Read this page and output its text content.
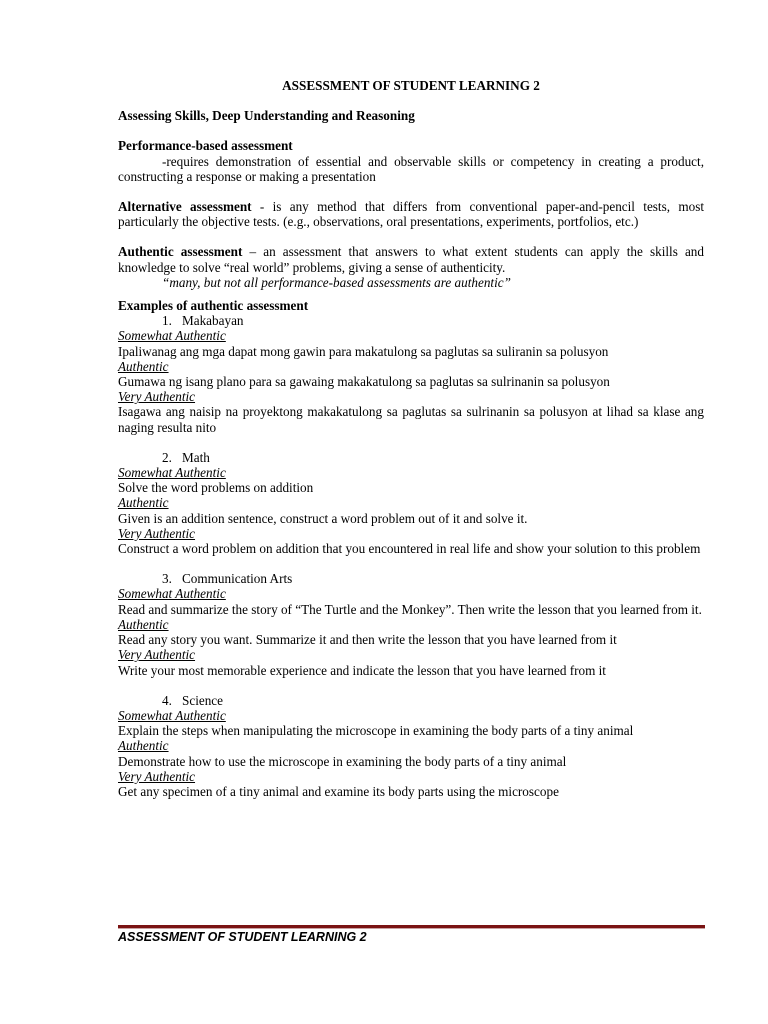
ASSESSMENT OF STUDENT LEARNING 2

Assessing Skills, Deep Understanding and Reasoning

Performance-based assessment

-requires demonstration of essential and observable skills or competency in creating a product, constructing a response or making a presentation

Alternative assessment - is any method that differs from conventional paper-and-pencil tests, most particularly the objective tests. (e.g., observations, oral presentations, experiments, portfolios, etc.)

Authentic assessment – an assessment that answers to what extent students can apply the skills and knowledge to solve “real world” problems, giving a sense of authenticity.

“many, but not all performance-based assessments are authentic”

Examples of authentic assessment

1. Makabayan

Somewhat Authentic

Ipaliwanag ang mga dapat mong gawin para makatulong sa paglutas sa suliranin sa polusyon

Authentic

Gumawa ng isang plano para sa gawaing makakatulong sa paglutas sa sulrinanin sa polusyon

Very Authentic

Isagawa ang naisip na proyektong makakatulong sa paglutas sa sulrinanin sa polusyon at lihad sa klase ang naging resulta nito

2. Math

Somewhat Authentic

Solve the word problems on addition

Authentic

Given is an addition sentence, construct a word problem out of it and solve it.

Very Authentic

Construct a word problem on addition that you encountered in real life and show your solution to this problem

3. Communication Arts

Somewhat Authentic

Read and summarize the story of “The Turtle and the Monkey”. Then write the lesson that you learned from it.

Authentic

Read any story you want. Summarize it and then write the lesson that you have learned from it

Very Authentic

Write your most memorable experience and indicate the lesson that you have learned from it

4. Science

Somewhat Authentic

Explain the steps when manipulating the microscope in examining the body parts of a tiny animal

Authentic

Demonstrate how to use the microscope in examining the body parts of a tiny animal

Very Authentic

Get any specimen of a tiny animal and examine its body parts using the microscope

ASSESSMENT OF STUDENT LEARNING 2
